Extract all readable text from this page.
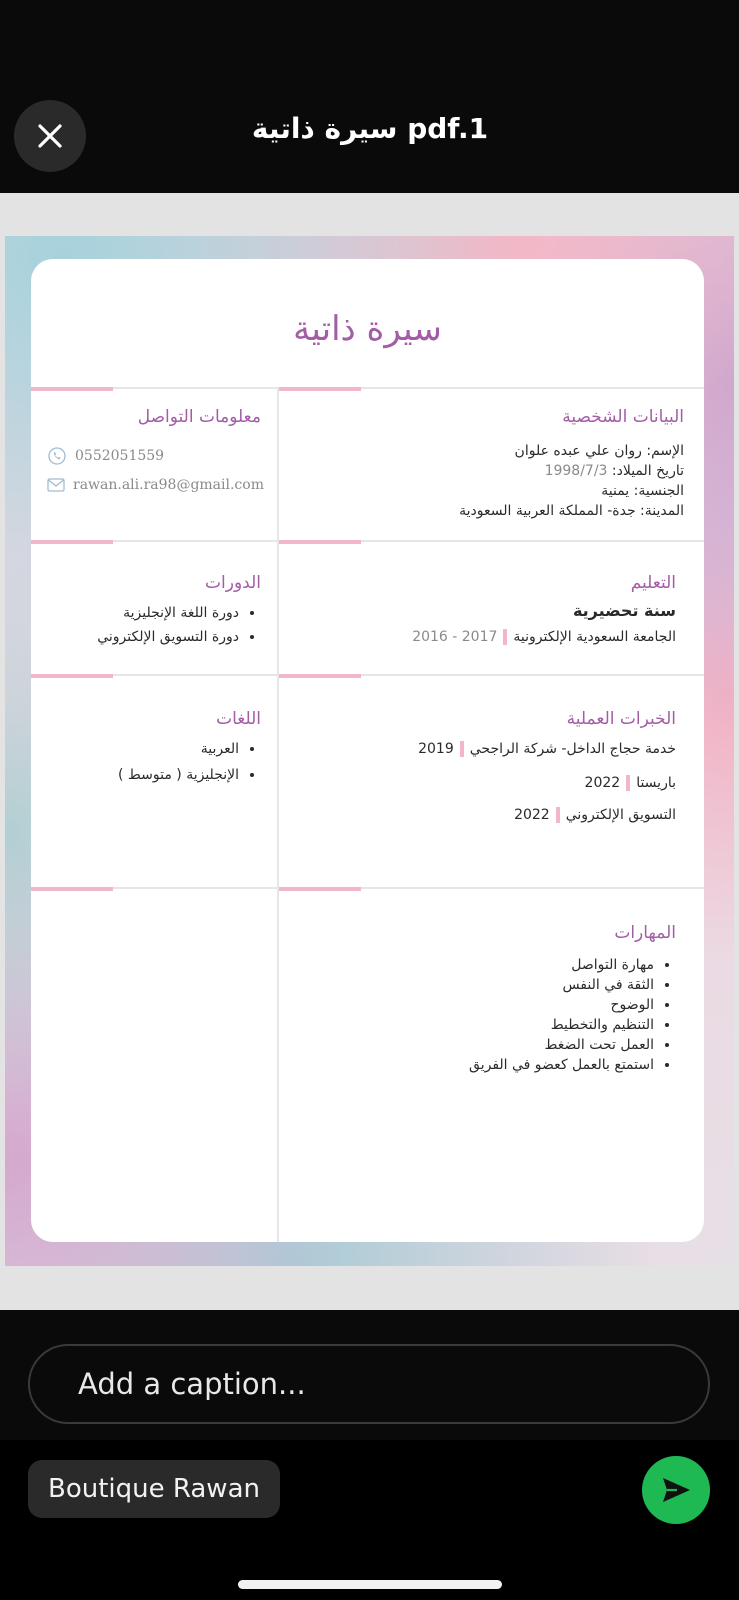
سيرة ذاتية pdf.1
سيرة ذاتية
البيانات الشخصية
الإسم: روان علي عبده علوان
تاريخ الميلاد: 1998/7/3
الجنسية: يمنية
المدينة: جدة- المملكة العربية السعودية
معلومات التواصل
0552051559
rawan.ali.ra98@gmail.com
التعليم
سنة تحضيرية
الجامعة السعودية الإلكترونية2016 - 2017
الدورات
• دورة اللغة الإنجليزية
• دورة التسويق الإلكتروني
الخبرات العملية
خدمة حجاج الداخل- شركة الراجحي2019
باريستا2022
التسويق الإلكتروني2022
اللغات
• العربية
• الإنجليزية ( متوسط )
المهارات
• مهارة التواصل
• الثقة في النفس
• الوضوح
• التنظيم والتخطيط
• العمل تحت الضغط
• استمتع بالعمل كعضو في الفريق
Add a caption...
Boutique Rawan
